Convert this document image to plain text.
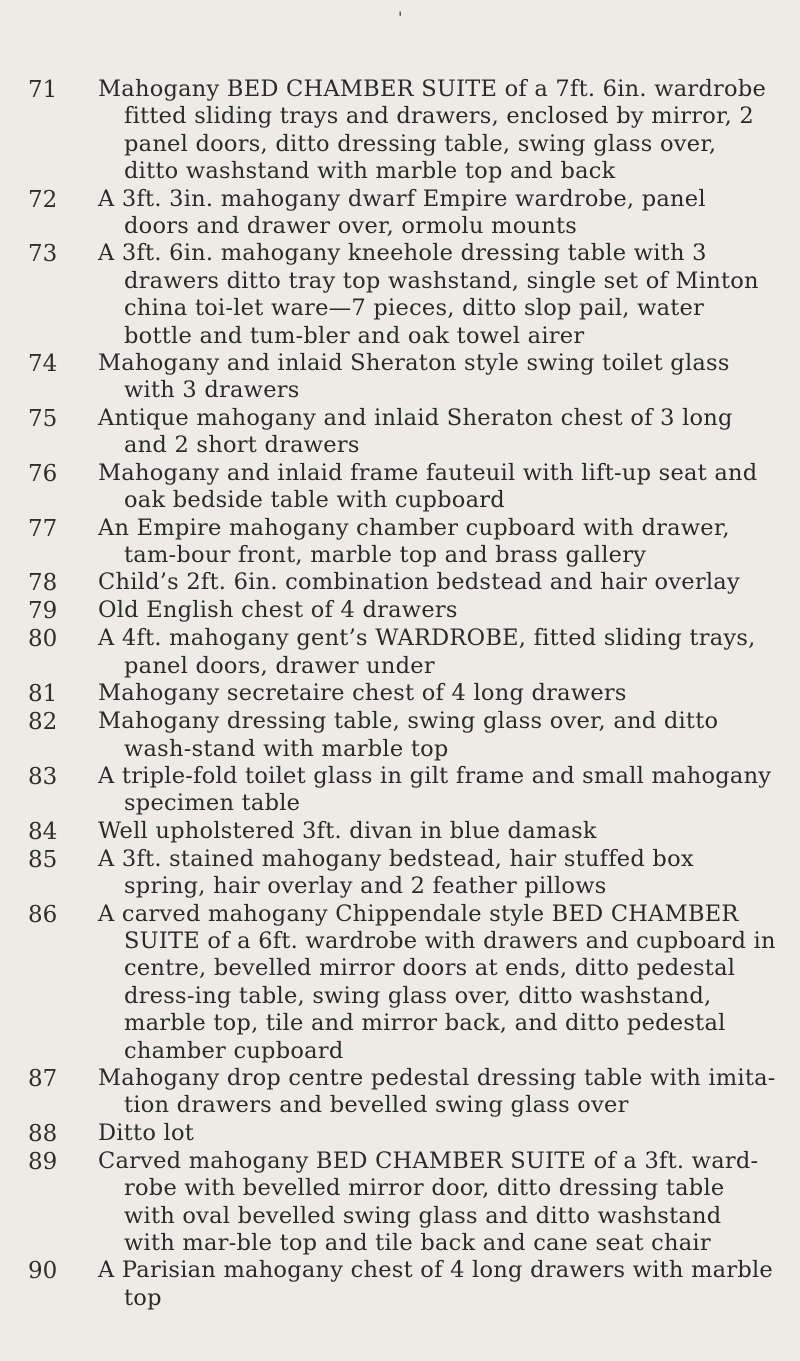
'
71	Mahogany BED CHAMBER SUITE of a 7ft. 6in. wardrobe fitted sliding trays and drawers, enclosed by mirror, 2 panel doors, ditto dressing table, swing glass over, ditto washstand with marble top and back
72	A 3ft. 3in. mahogany dwarf Empire wardrobe, panel doors and drawer over, ormolu mounts
73	A 3ft. 6in. mahogany kneehole dressing table with 3 drawers ditto tray top washstand, single set of Minton china toi-let ware—7 pieces, ditto slop pail, water bottle and tum-bler and oak towel airer
74	Mahogany and inlaid Sheraton style swing toilet glass with 3 drawers
75	Antique mahogany and inlaid Sheraton chest of 3 long and 2 short drawers
76	Mahogany and inlaid frame fauteuil with lift-up seat and oak bedside table with cupboard
77	An Empire mahogany chamber cupboard with drawer, tam-bour front, marble top and brass gallery
78	Child’s 2ft. 6in. combination bedstead and hair overlay
79	Old English chest of 4 drawers
80	A 4ft. mahogany gent’s WARDROBE, fitted sliding trays, panel doors, drawer under
81	Mahogany secretaire chest of 4 long drawers
82	Mahogany dressing table, swing glass over, and ditto wash-stand with marble top
83	A triple-fold toilet glass in gilt frame and small mahogany specimen table
84	Well upholstered 3ft. divan in blue damask
85	A 3ft. stained mahogany bedstead, hair stuffed box spring, hair overlay and 2 feather pillows
86	A carved mahogany Chippendale style BED CHAMBER SUITE of a 6ft. wardrobe with drawers and cupboard in centre, bevelled mirror doors at ends, ditto pedestal dress-ing table, swing glass over, ditto washstand, marble top, tile and mirror back, and ditto pedestal chamber cupboard
87	Mahogany drop centre pedestal dressing table with imita-tion drawers and bevelled swing glass over
88	Ditto lot
89	Carved mahogany BED CHAMBER SUITE of a 3ft. ward-robe with bevelled mirror door, ditto dressing table with oval bevelled swing glass and ditto washstand with mar-ble top and tile back and cane seat chair
90	A Parisian mahogany chest of 4 long drawers with marble top
